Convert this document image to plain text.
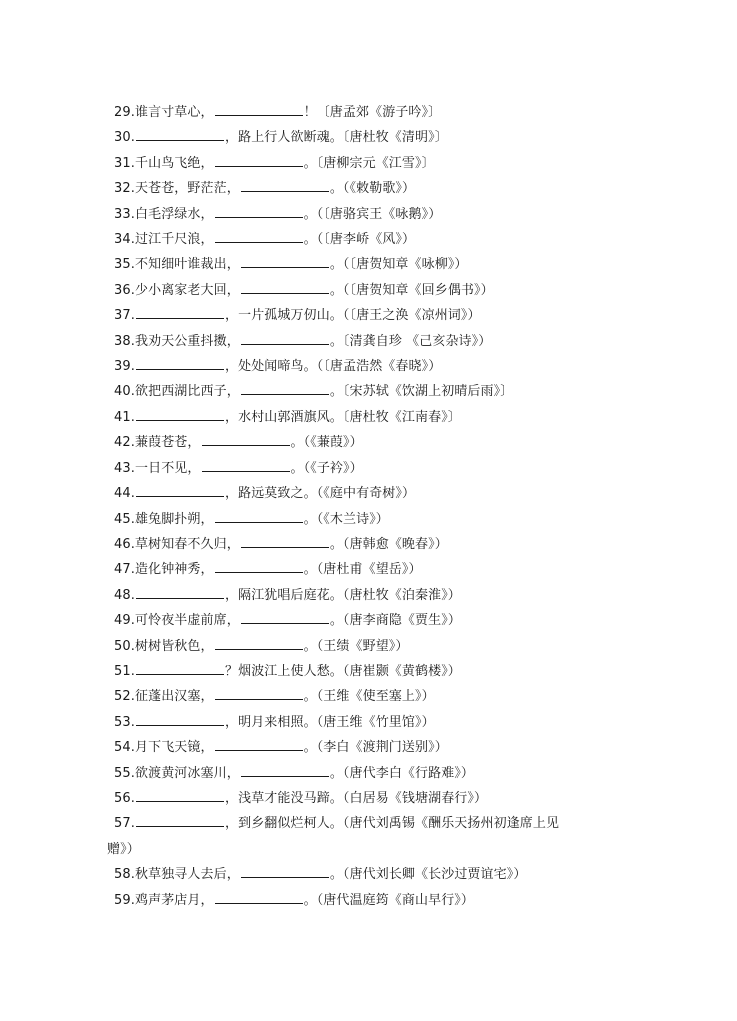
29.谁言寸草心，	！〔唐孟郊《游子吟》〕
30.	，路上行人欲断魂。〔唐杜牧《清明》〕
31.千山鸟飞绝，	。〔唐柳宗元《江雪》〕
32.天苍苍，野茫茫，	。（《敕勒歌》）
33.白毛浮绿水，	。（〔唐骆宾王《咏鹅》）
34.过江千尺浪，	。（〔唐李峤《风》）
35.不知细叶谁裁出，	。（〔唐贺知章《咏柳》）
36.少小离家老大回，	。（〔唐贺知章《回乡偶书》）
37.	，一片孤城万仞山。（〔唐王之涣《凉州词》）
38.我劝天公重抖擞，	。〔清龚自珍 《己亥杂诗》）
39.	，处处闻啼鸟。（〔唐孟浩然《春晓》）
40.欲把西湖比西子，	。〔宋苏轼《饮湖上初晴后雨》〕
41.	，水村山郭酒旗风。〔唐杜牧《江南春》〕
42.蒹葭苍苍，	。（《蒹葭》）
43.一日不见，	。（《子衿》）
44.	，路远莫致之。（《庭中有奇树》）
45.雄兔脚扑朔，	。（《木兰诗》）
46.草树知春不久归，	。（唐韩愈《晚春》）
47.造化钟神秀，	。（唐杜甫《望岳》）
48.	，隔江犹唱后庭花。（唐杜牧《泊秦淮》）
49.可怜夜半虚前席，	。（唐李商隐《贾生》）
50.树树皆秋色，	。（王绩《野望》）
51.	？烟波江上使人愁。（唐崔颢《黄鹤楼》）
52.征蓬出汉塞，	。（王维《使至塞上》）
53.	，明月来相照。（唐王维《竹里馆》）
54.月下飞天镜，	。（李白《渡荆门送别》）
55.欲渡黄河冰塞川，	。（唐代李白《行路难》）
56.	，浅草才能没马蹄。（白居易《钱塘湖春行》）
57.	，到乡翻似烂柯人。（唐代刘禹锡《酬乐天扬州初逢席上见
赠》）
58.秋草独寻人去后，	。（唐代刘长卿《长沙过贾谊宅》）
59.鸡声茅店月，	。（唐代温庭筠《商山早行》）
